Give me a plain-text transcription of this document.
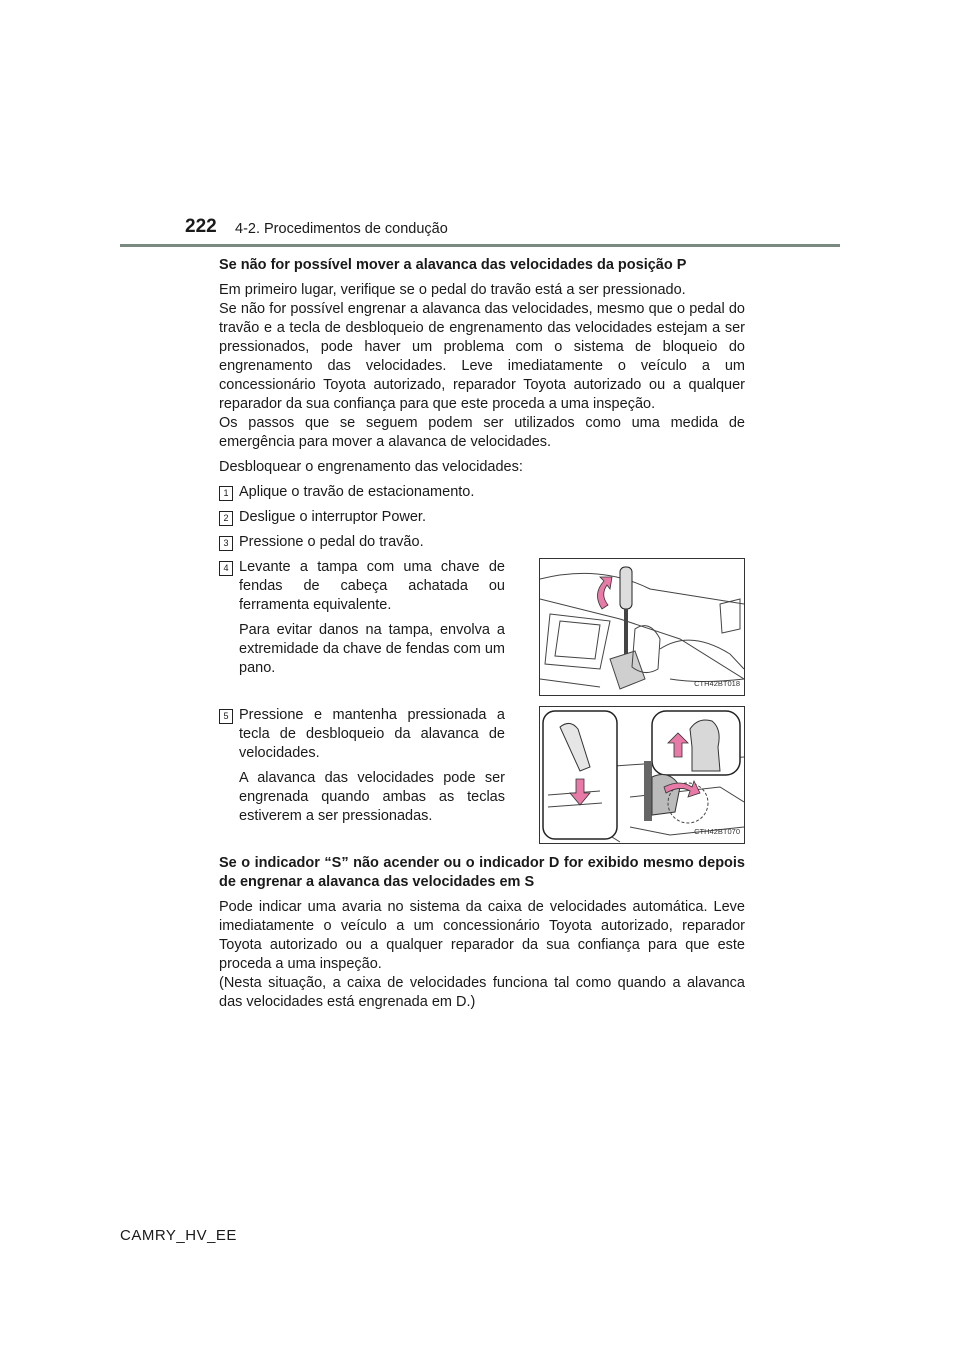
222 4-2. Procedimentos de condução

Se não for possível mover a alavanca das velocidades da posição P

Em primeiro lugar, verifique se o pedal do travão está a ser pressionado.

Se não for possível engrenar a alavanca das velocidades, mesmo que o pedal do travão e a tecla de desbloqueio de engrenamento das velocidades estejam a ser pressionados, pode haver um problema com o sistema de bloqueio do engrenamento das velocidades. Leve imediatamente o veículo a um concessionário Toyota autorizado, reparador Toyota autorizado ou a qualquer reparador da sua confiança para que este proceda a uma inspeção.

Os passos que se seguem podem ser utilizados como uma medida de emergência para mover a alavanca de velocidades.

Desbloquear o engrenamento das velocidades:

1 Aplique o travão de estacionamento.
2 Desligue o interruptor Power.
3 Pressione o pedal do travão.
4 Levante a tampa com uma chave de fendas de cabeça achatada ou ferramenta equivalente.

Para evitar danos na tampa, envolva a extremidade da chave de fendas com um pano.

CTH42BT018
5 Pressione e mantenha pressionada a tecla de desbloqueio da alavanca de velocidades.

A alavanca das velocidades pode ser engrenada quando ambas as teclas estiverem a ser pressionadas.

CTH42BT070

Se o indicador “S” não acender ou o indicador D for exibido mesmo depois de engrenar a alavanca das velocidades em S

Pode indicar uma avaria no sistema da caixa de velocidades automática. Leve imediatamente o veículo a um concessionário Toyota autorizado, reparador Toyota autorizado ou a qualquer reparador da sua confiança para que este proceda a uma inspeção.

(Nesta situação, a caixa de velocidades funciona tal como quando a alavanca das velocidades está engrenada em D.)

CAMRY_HV_EE
